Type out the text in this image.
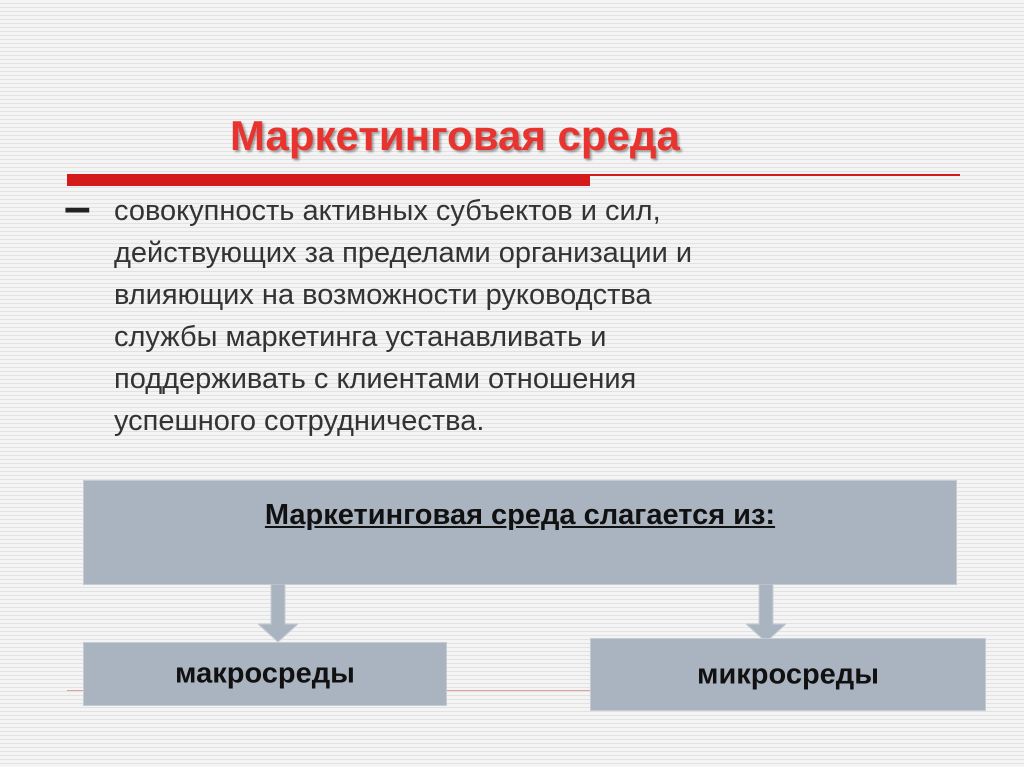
Маркетинговая среда
– совокупность активных субъектов и сил,
действующих за пределами организации и
влияющих на возможности руководства
службы маркетинга устанавливать и
поддерживать с клиентами отношения
успешного сотрудничества.
Маркетинговая среда слагается из:
макросреды	микросреды
